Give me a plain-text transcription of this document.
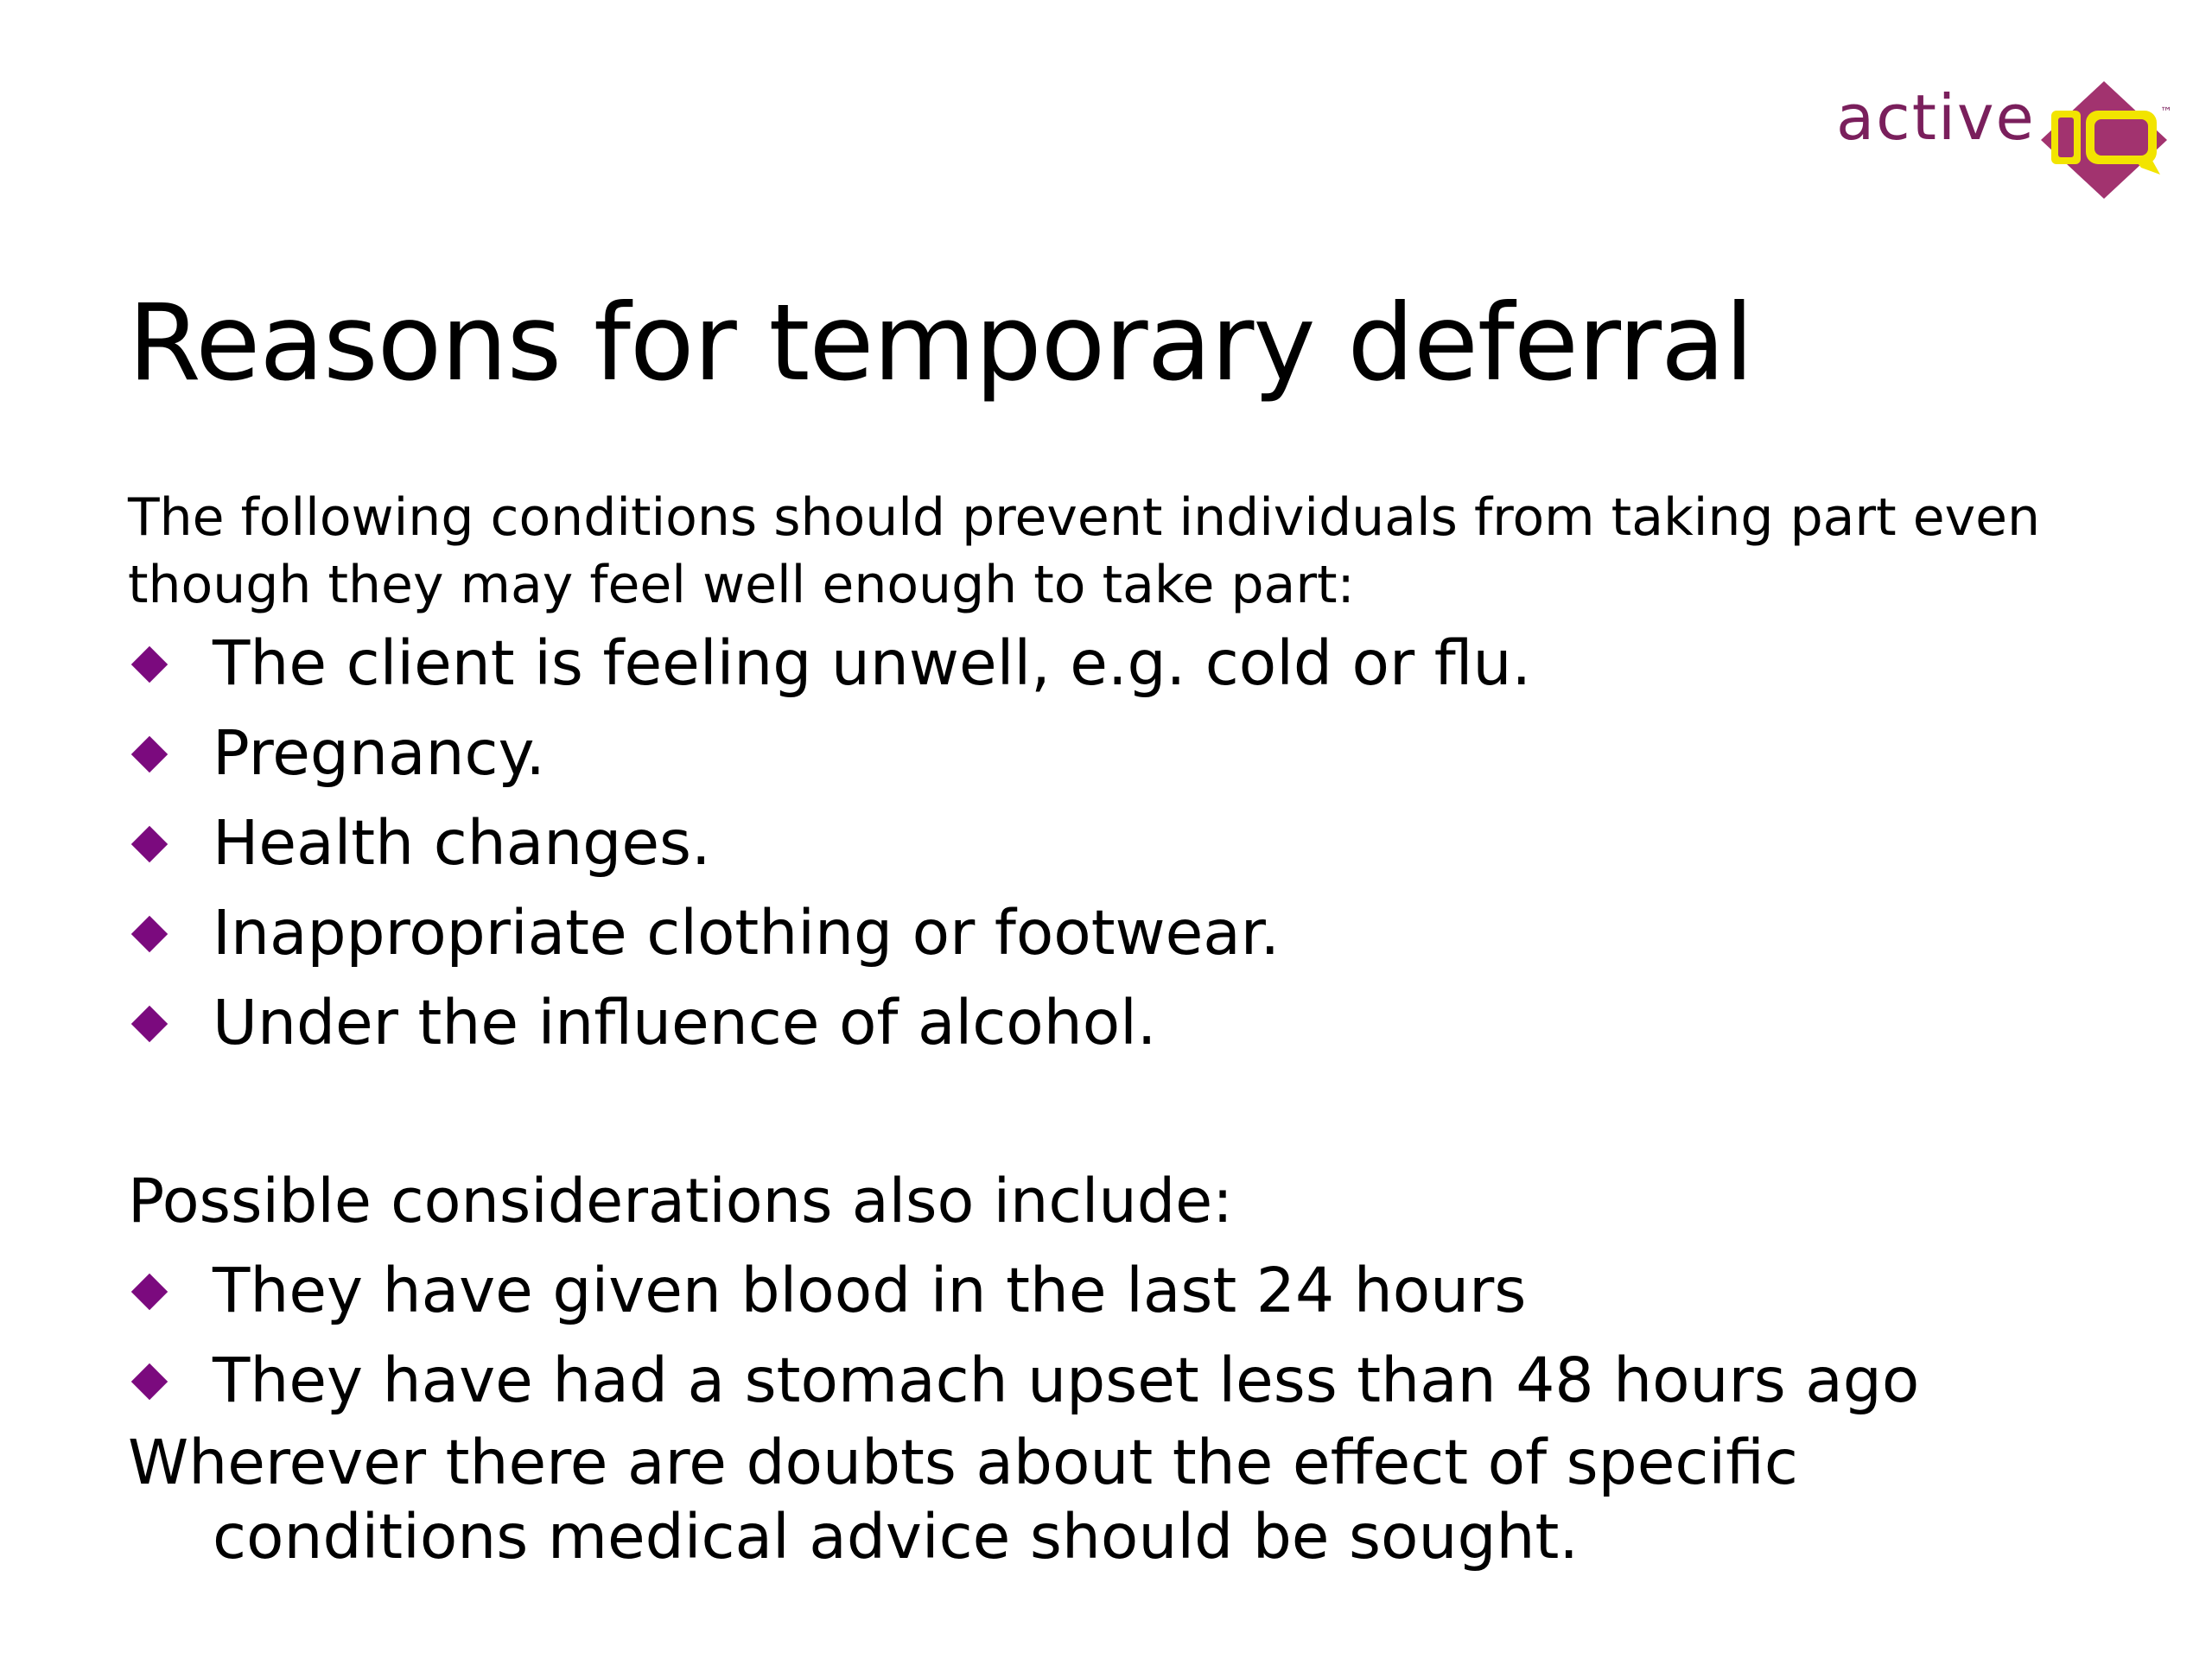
active	™
Reasons for temporary deferral

The following conditions should prevent individuals from taking part even though they may feel well enough to take part:

The client is feeling unwell, e.g. cold or flu.
Pregnancy.
Health changes.
Inappropriate clothing or footwear.
Under the influence of alcohol.

Possible considerations also include:

They have given blood in the last 24 hours
They have had a stomach upset less than 48 hours ago

Wherever there are doubts about the effect of specific conditions medical advice should be sought.
